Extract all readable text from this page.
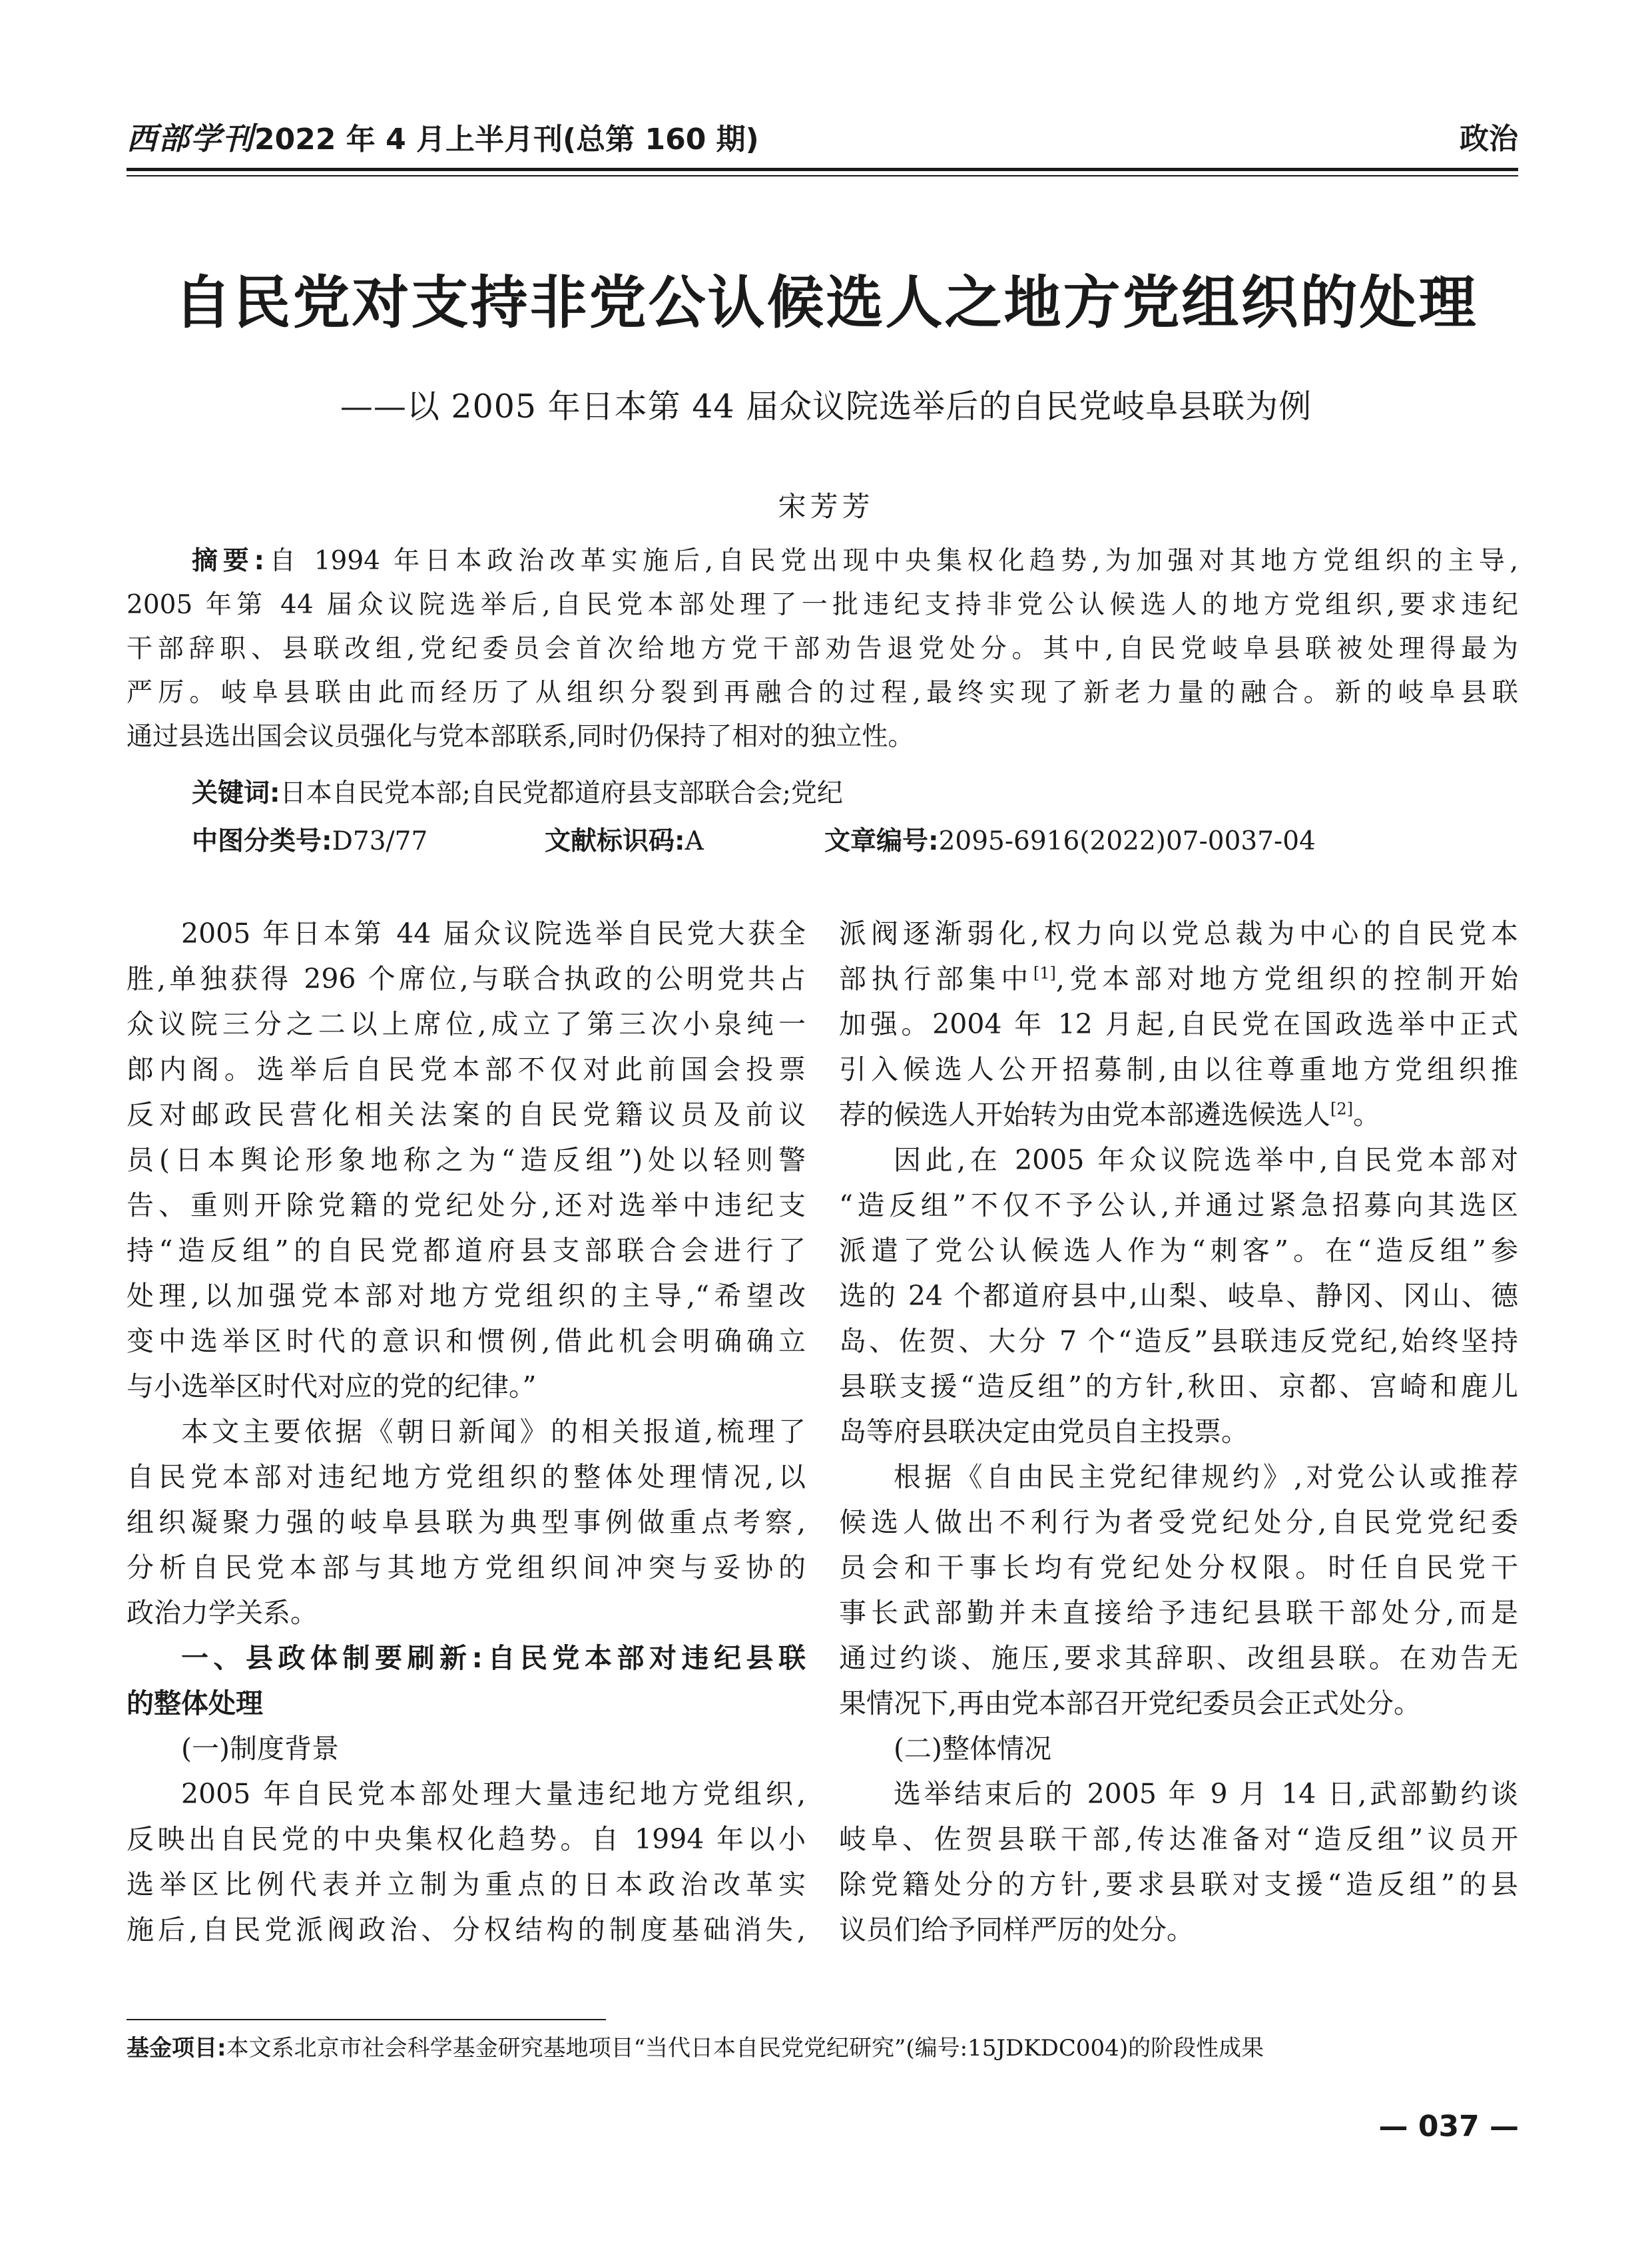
西部学刊2022 年 4 月上半月刊(总第 160 期)	政治
自民党对支持非党公认候选人之地方党组织的处理
——以 2005 年日本第 44 届众议院选举后的自民党岐阜县联为例
宋芳芳
摘要:自 1994 年日本政治改革实施后,自民党出现中央集权化趋势,为加强对其地方党组织的主导,
2005 年第 44 届众议院选举后,自民党本部处理了一批违纪支持非党公认候选人的地方党组织,要求违纪
干部辞职、县联改组,党纪委员会首次给地方党干部劝告退党处分。其中,自民党岐阜县联被处理得最为
严厉。岐阜县联由此而经历了从组织分裂到再融合的过程,最终实现了新老力量的融合。新的岐阜县联
通过县选出国会议员强化与党本部联系,同时仍保持了相对的独立性。
关键词:日本自民党本部;自民党都道府县支部联合会;党纪
中图分类号:D73/77	文献标识码:A	文章编号:2095-6916(2022)07-0037-04
2005 年日本第 44 届众议院选举自民党大获全
胜,单独获得 296 个席位,与联合执政的公明党共占
众议院三分之二以上席位,成立了第三次小泉纯一
郎内阁。选举后自民党本部不仅对此前国会投票
反对邮政民营化相关法案的自民党籍议员及前议
员(日本舆论形象地称之为“造反组”)处以轻则警
告、重则开除党籍的党纪处分,还对选举中违纪支
持“造反组”的自民党都道府县支部联合会进行了
处理,以加强党本部对地方党组织的主导,“希望改
变中选举区时代的意识和惯例,借此机会明确确立
与小选举区时代对应的党的纪律。”
本文主要依据《朝日新闻》的相关报道,梳理了
自民党本部对违纪地方党组织的整体处理情况,以
组织凝聚力强的岐阜县联为典型事例做重点考察,
分析自民党本部与其地方党组织间冲突与妥协的
政治力学关系。
一、县政体制要刷新:自民党本部对违纪县联
的整体处理
(一)制度背景
2005 年自民党本部处理大量违纪地方党组织,
反映出自民党的中央集权化趋势。自 1994 年以小
选举区比例代表并立制为重点的日本政治改革实
施后,自民党派阀政治、分权结构的制度基础消失,
派阀逐渐弱化,权力向以党总裁为中心的自民党本
部执行部集中[1],党本部对地方党组织的控制开始
加强。2004 年 12 月起,自民党在国政选举中正式
引入候选人公开招募制,由以往尊重地方党组织推
荐的候选人开始转为由党本部遴选候选人[2]。
因此,在 2005 年众议院选举中,自民党本部对
“造反组”不仅不予公认,并通过紧急招募向其选区
派遣了党公认候选人作为“刺客”。在“造反组”参
选的 24 个都道府县中,山梨、岐阜、静冈、冈山、德
岛、佐贺、大分 7 个“造反”县联违反党纪,始终坚持
县联支援“造反组”的方针,秋田、京都、宫崎和鹿儿
岛等府县联决定由党员自主投票。
根据《自由民主党纪律规约》,对党公认或推荐
候选人做出不利行为者受党纪处分,自民党党纪委
员会和干事长均有党纪处分权限。时任自民党干
事长武部勤并未直接给予违纪县联干部处分,而是
通过约谈、施压,要求其辞职、改组县联。在劝告无
果情况下,再由党本部召开党纪委员会正式处分。
(二)整体情况
选举结束后的 2005 年 9 月 14 日,武部勤约谈
岐阜、佐贺县联干部,传达准备对“造反组”议员开
除党籍处分的方针,要求县联对支援“造反组”的县
议员们给予同样严厉的处分。
基金项目:本文系北京市社会科学基金研究基地项目“当代日本自民党党纪研究”(编号:15JDKDC004)的阶段性成果
— 037 —
